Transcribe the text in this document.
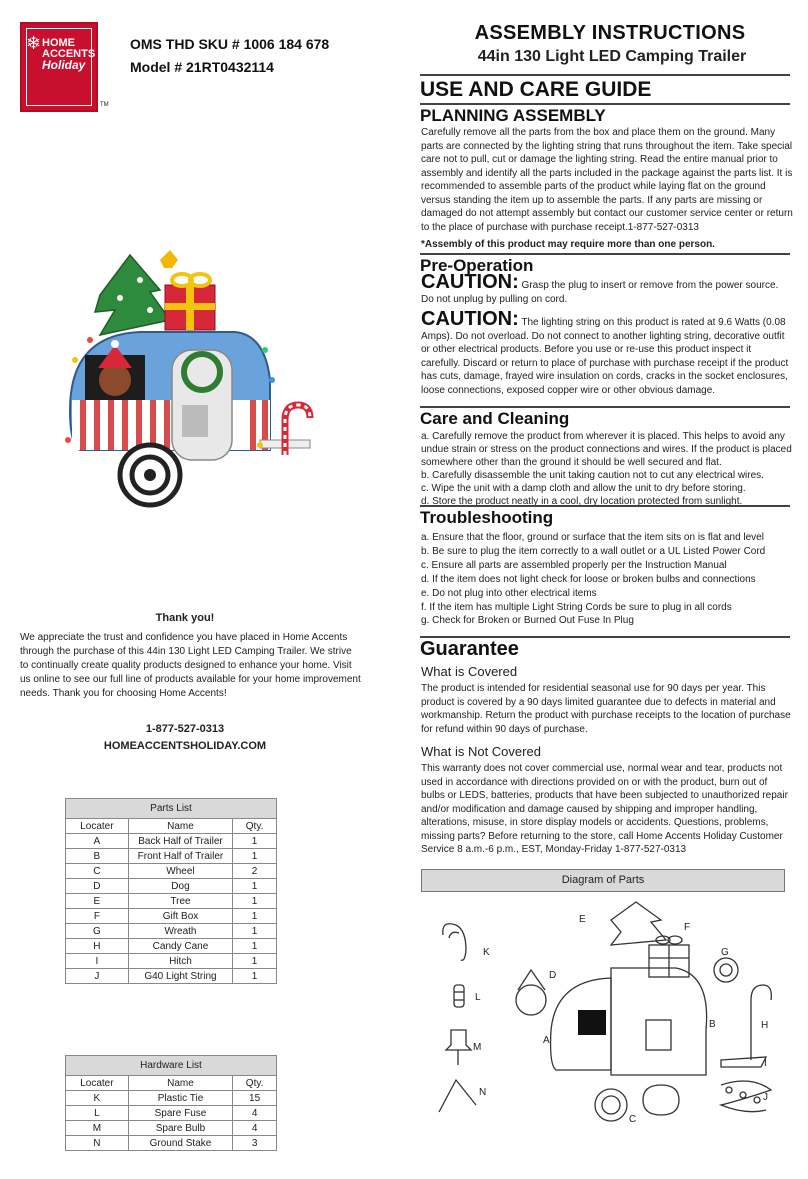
❄ HOME
ACCENTS
Holiday
TM
OMS THD SKU # 1006 184 678
Model # 21RT0432114
ASSEMBLY INSTRUCTIONS
44in 130 Light LED Camping Trailer
USE AND CARE GUIDE
PLANNING ASSEMBLY
Carefully remove all the parts from the box and place them on the ground. Many parts are connected by the lighting string that runs throughout the item. Take special care not to pull, cut or damage the lighting string. Read the entire manual prior to assembly and identify all the parts included in the package against the parts list. It is recommended to assemble parts of the product while laying flat on the ground versus standing the item up to assemble the parts. If any parts are missing or damaged do not attempt assembly but contact our customer service center or return to the place of purchase with purchase receipt.1-877-527-0313
*Assembly of this product may require more than one person.
Pre-Operation
CAUTION: Grasp the plug to insert or remove from the power source. Do not unplug by pulling on cord.
CAUTION: The lighting string on this product is rated at 9.6 Watts (0.08 Amps). Do not overload. Do not connect to another lighting string, decorative outfit or other electrical products. Before you use or re-use this product inspect it carefully. Discard or return to place of purchase with purchase receipt if the product has cuts, damage, frayed wire insulation on cords, cracks in the socket enclosures, loose connections, exposed copper wire or other obvious damage.
Care and Cleaning
a. Carefully remove the product from wherever it is placed. This helps to avoid any undue strain or stress on the product connections and wires. If the product is placed somewhere other than the ground it should be well secured and flat.
b. Carefully disassemble the unit taking caution not to cut any electrical wires.
c. Wipe the unit with a damp cloth and allow the unit to dry before storing.
d. Store the product neatly in a cool, dry location protected from sunlight.
Troubleshooting
a. Ensure that the floor, ground or surface that the item sits on is flat and level
b. Be sure to plug the item correctly to a wall outlet or a UL Listed Power Cord
c. Ensure all parts are assembled properly per the Instruction Manual
d. If the item does not light check for loose or broken bulbs and connections
e. Do not plug into other electrical items
f. If the item has multiple Light String Cords be sure to plug in all cords
g. Check for Broken or Burned Out Fuse In Plug
Guarantee
What is Covered
The product is intended for residential seasonal use for 90 days per year. This product is covered by a 90 days limited guarantee due to defects in material and workmanship. Return the product with purchase receipts to the location of purchase for refund within 90 days of purchase.
What is Not Covered
This warranty does not cover commercial use, normal wear and tear, products not used in accordance with directions provided on or with the product, burn out of bulbs or LEDS, batteries, products that have been subjected to unauthorized repair and/or modification and damage caused by shipping and improper handling, alterations, misuse, in store display models or accidents. Questions, problems, missing parts? Before returning to the store, call Home Accents Holiday Customer Service 8 a.m.-6 p.m., EST, Monday-Friday 1-877-527-0313
Thank you!
We appreciate the trust and confidence you have placed in Home Accents through the purchase of this 44in 130 Light LED Camping Trailer. We strive to continually create quality products designed to enhance your home. Visit us online to see our full line of products available for your home improvement needs. Thank you for choosing Home Accents!
1-877-527-0313
HOMEACCENTSHOLIDAY.COM
Parts List		
Locater	Name	Qty.
A	Back Half of Trailer	1
B	Front Half of Trailer	1
C	Wheel	2
D	Dog	1
E	Tree	1
F	Gift Box	1
G	Wreath	1
H	Candy Cane	1
I	Hitch	1
J	G40 Light String	1
Hardware List		
Locater	Name	Qty.
K	Plastic Tie	15
L	Spare Fuse	4
M	Spare Bulb	4
N	Ground Stake	3
Diagram of Parts
K
L
M
N
E
F
G
D
A
B	H
I
J
C
